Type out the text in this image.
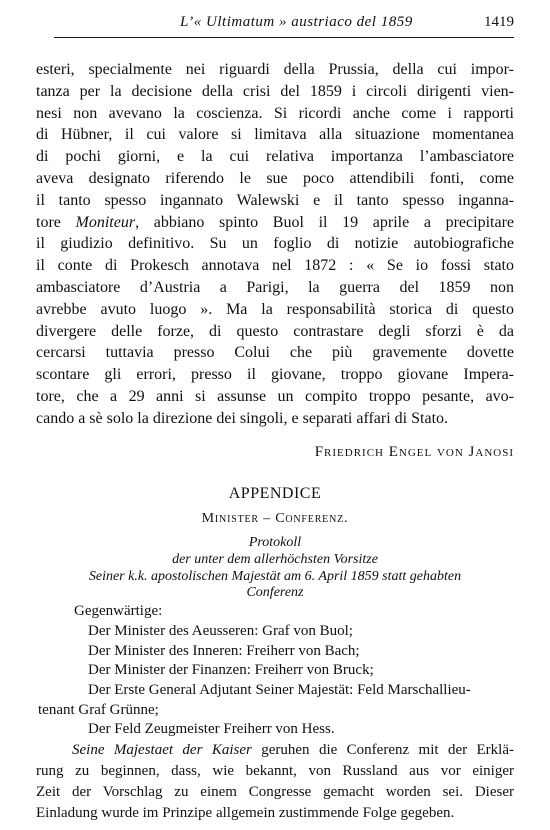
L’« Ultimatum » austriaco del 1859	1419
esteri, specialmente nei riguardi della Prussia, della cui impor-
tanza per la decisione della crisi del 1859 i circoli dirigenti vien-
nesi non avevano la coscienza. Si ricordi anche come i rapporti
di Hübner, il cui valore si limitava alla situazione momentanea
di pochi giorni, e la cui relativa importanza l’ambasciatore
aveva designato riferendo le sue poco attendibili fonti, come
il tanto spesso ingannato Walewski e il tanto spesso inganna-
tore Moniteur, abbiano spinto Buol il 19 aprile a precipitare
il giudizio definitivo. Su un foglio di notizie autobiografiche
il conte di Prokesch annotava nel 1872 : « Se io fossi stato
ambasciatore d’Austria a Parigi, la guerra del 1859 non
avrebbe avuto luogo ». Ma la responsabilità storica di questo
divergere delle forze, di questo contrastare degli sforzi è da
cercarsi tuttavia presso Colui che più gravemente dovette
scontare gli errori, presso il giovane, troppo giovane Impera-
tore, che a 29 anni si assunse un compito troppo pesante, avo-
cando a sè solo la direzione dei singoli, e separati affari di Stato.
Friedrich Engel von Janosi
APPENDICE
Minister – Conferenz.
Protokoll
der unter dem allerhöchsten Vorsitze
Seiner k.k. apostolischen Majestät am 6. April 1859 statt gehabten
Conferenz
Gegenwärtige:
Der Minister des Aeusseren: Graf von Buol;
Der Minister des Inneren: Freiherr von Bach;
Der Minister der Finanzen: Freiherr von Bruck;
Der Erste General Adjutant Seiner Majestät: Feld Marschallieu-
tenant Graf Grünne;
Der Feld Zeugmeister Freiherr von Hess.
Seine Majestaet der Kaiser geruhen die Conferenz mit der Erklä-
rung zu beginnen, dass, wie bekannt, von Russland aus vor einiger
Zeit der Vorschlag zu einem Congresse gemacht worden sei. Dieser
Einladung wurde im Prinzipe allgemein zustimmende Folge gegeben.
